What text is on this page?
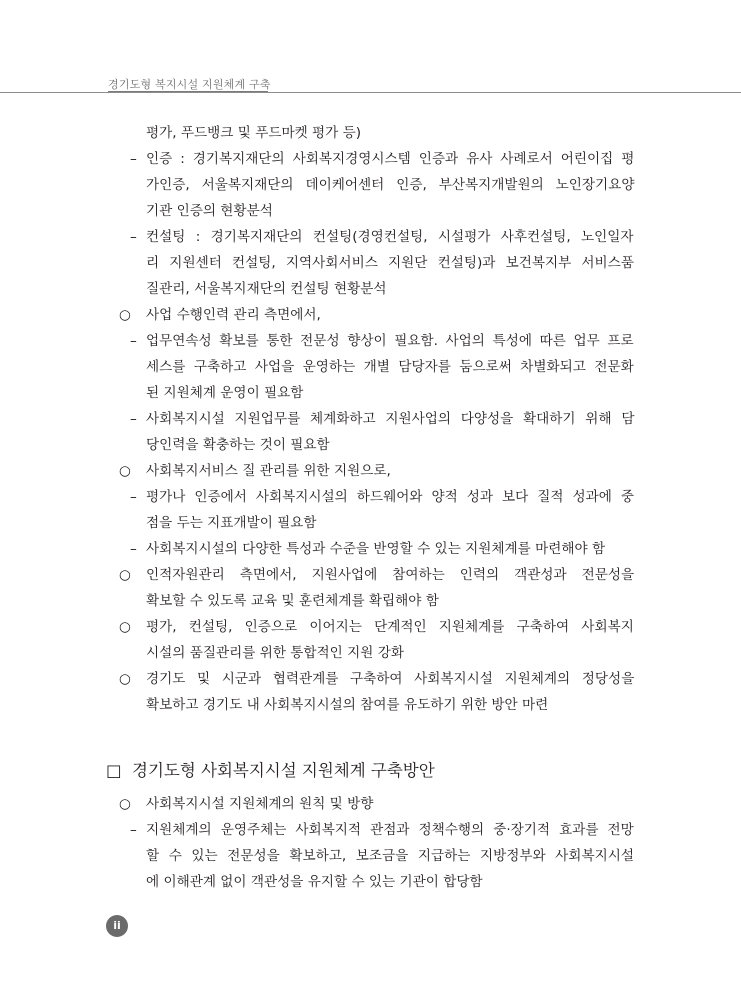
경기도형 복지시설 지원체계 구축
평가, 푸드뱅크 및 푸드마켓 평가 등)
– 인증 : 경기복지재단의 사회복지경영시스템 인증과 유사 사례로서 어린이집 평
가인증, 서울복지재단의 데이케어센터 인증, 부산복지개발원의 노인장기요양
기관 인증의 현황분석
– 컨설팅 : 경기복지재단의 컨설팅(경영컨설팅, 시설평가 사후컨설팅, 노인일자
리 지원센터 컨설팅, 지역사회서비스 지원단 컨설팅)과 보건복지부 서비스품
질관리, 서울복지재단의 컨설팅 현황분석
○ 사업 수행인력 관리 측면에서,
– 업무연속성 확보를 통한 전문성 향상이 필요함. 사업의 특성에 따른 업무 프로
세스를 구축하고 사업을 운영하는 개별 담당자를 둠으로써 차별화되고 전문화
된 지원체계 운영이 필요함
– 사회복지시설 지원업무를 체계화하고 지원사업의 다양성을 확대하기 위해 담
당인력을 확충하는 것이 필요함
○ 사회복지서비스 질 관리를 위한 지원으로,
– 평가나 인증에서 사회복지시설의 하드웨어와 양적 성과 보다 질적 성과에 중
점을 두는 지표개발이 필요함
– 사회복지시설의 다양한 특성과 수준을 반영할 수 있는 지원체계를 마련해야 함
○ 인적자원관리 측면에서, 지원사업에 참여하는 인력의 객관성과 전문성을
확보할 수 있도록 교육 및 훈련체계를 확립해야 함
○ 평가, 컨설팅, 인증으로 이어지는 단계적인 지원체계를 구축하여 사회복지
시설의 품질관리를 위한 통합적인 지원 강화
○ 경기도 및 시군과 협력관계를 구축하여 사회복지시설 지원체계의 정당성을
확보하고 경기도 내 사회복지시설의 참여를 유도하기 위한 방안 마련
□ 경기도형 사회복지시설 지원체계 구축방안
○ 사회복지시설 지원체계의 원칙 및 방향
– 지원체계의 운영주체는 사회복지적 관점과 정책수행의 중·장기적 효과를 전망
할 수 있는 전문성을 확보하고, 보조금을 지급하는 지방정부와 사회복지시설
에 이해관계 없이 객관성을 유지할 수 있는 기관이 합당함
ii
